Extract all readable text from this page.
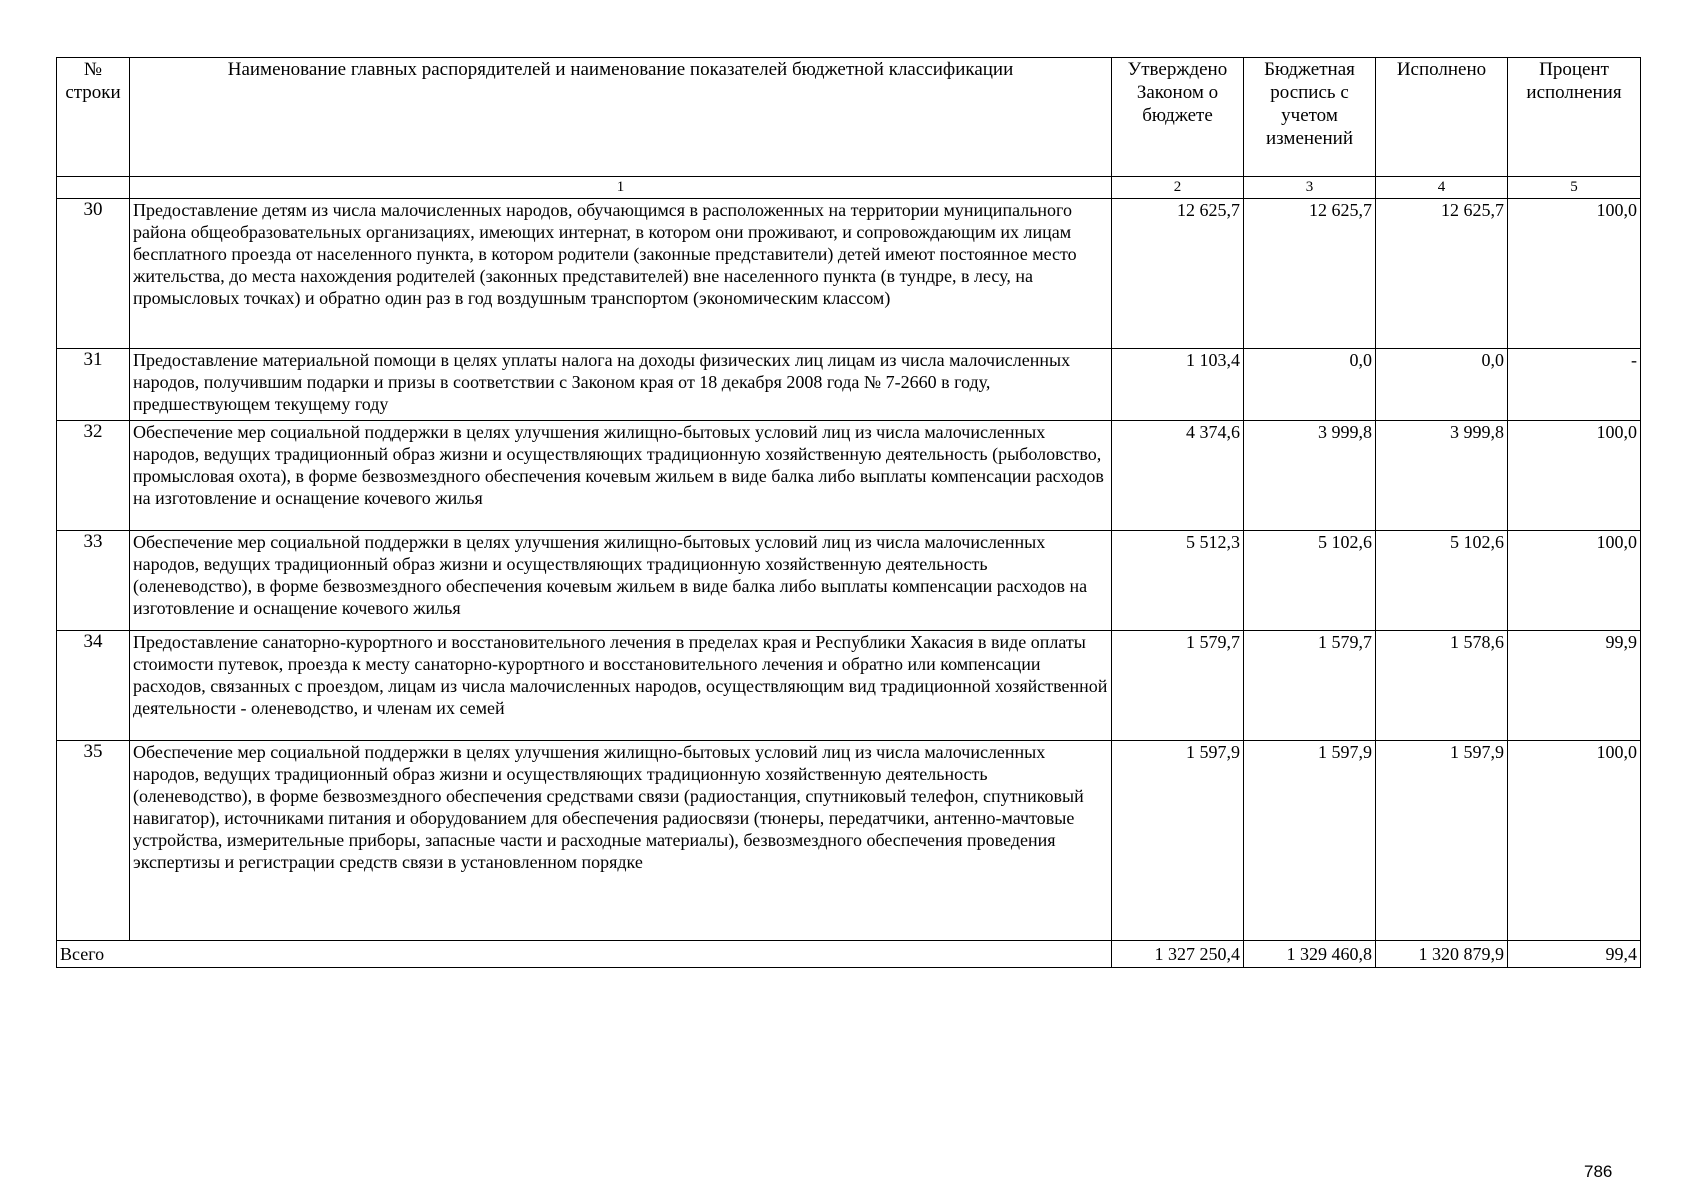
№ строки	Наименование главных распорядителей и наименование показателей бюджетной классификации	Утверждено Законом о бюджете	Бюджетная роспись с учетом изменений	Исполнено	Процент исполнения
	1	2	3	4	5
30	Предоставление детям из числа малочисленных народов, обучающимся в расположенных на территории муниципального района общеобразовательных организациях, имеющих интернат, в котором они проживают, и сопровождающим их лицам бесплатного проезда от населенного пункта, в котором родители (законные представители) детей имеют постоянное место жительства, до места нахождения родителей (законных представителей) вне населенного пункта (в тундре, в лесу, на промысловых точках) и обратно один раз в год воздушным транспортом (экономическим классом)	12 625,7	12 625,7	12 625,7	100,0
31	Предоставление материальной помощи в целях уплаты налога на доходы физических лиц лицам из числа малочисленных народов, получившим подарки и призы в соответствии с Законом края от 18 декабря 2008 года № 7-2660 в году, предшествующем текущему году	1 103,4	0,0	0,0	-
32	Обеспечение мер социальной поддержки в целях улучшения жилищно-бытовых условий лиц из числа малочисленных народов, ведущих традиционный образ жизни и осуществляющих традиционную хозяйственную деятельность (рыболовство, промысловая охота), в форме безвозмездного обеспечения кочевым жильем в виде балка либо выплаты компенсации расходов на изготовление и оснащение кочевого жилья	4 374,6	3 999,8	3 999,8	100,0
33	Обеспечение мер социальной поддержки в целях улучшения жилищно-бытовых условий лиц из числа малочисленных народов, ведущих традиционный образ жизни и осуществляющих традиционную хозяйственную деятельность (оленеводство), в форме безвозмездного обеспечения кочевым жильем в виде балка либо выплаты компенсации расходов на изготовление и оснащение кочевого жилья	5 512,3	5 102,6	5 102,6	100,0
34	Предоставление санаторно-курортного и восстановительного лечения в пределах края и Республики Хакасия в виде оплаты стоимости путевок, проезда к месту санаторно-курортного и восстановительного лечения и обратно или компенсации расходов, связанных с проездом, лицам из числа малочисленных народов, осуществляющим вид традиционной хозяйственной деятельности - оленеводство, и членам их семей	1 579,7	1 579,7	1 578,6	99,9
35	Обеспечение мер социальной поддержки в целях улучшения жилищно-бытовых условий лиц из числа малочисленных народов, ведущих традиционный образ жизни и осуществляющих традиционную хозяйственную деятельность (оленеводство), в форме безвозмездного обеспечения средствами связи (радиостанция, спутниковый телефон, спутниковый навигатор), источниками питания и оборудованием для обеспечения радиосвязи (тюнеры, передатчики, антенно-мачтовые устройства, измерительные приборы, запасные части и расходные материалы), безвозмездного обеспечения проведения экспертизы и регистрации средств связи в установленном порядке	1 597,9	1 597,9	1 597,9	100,0
Всего		1 327 250,4	1 329 460,8	1 320 879,9	99,4
786
